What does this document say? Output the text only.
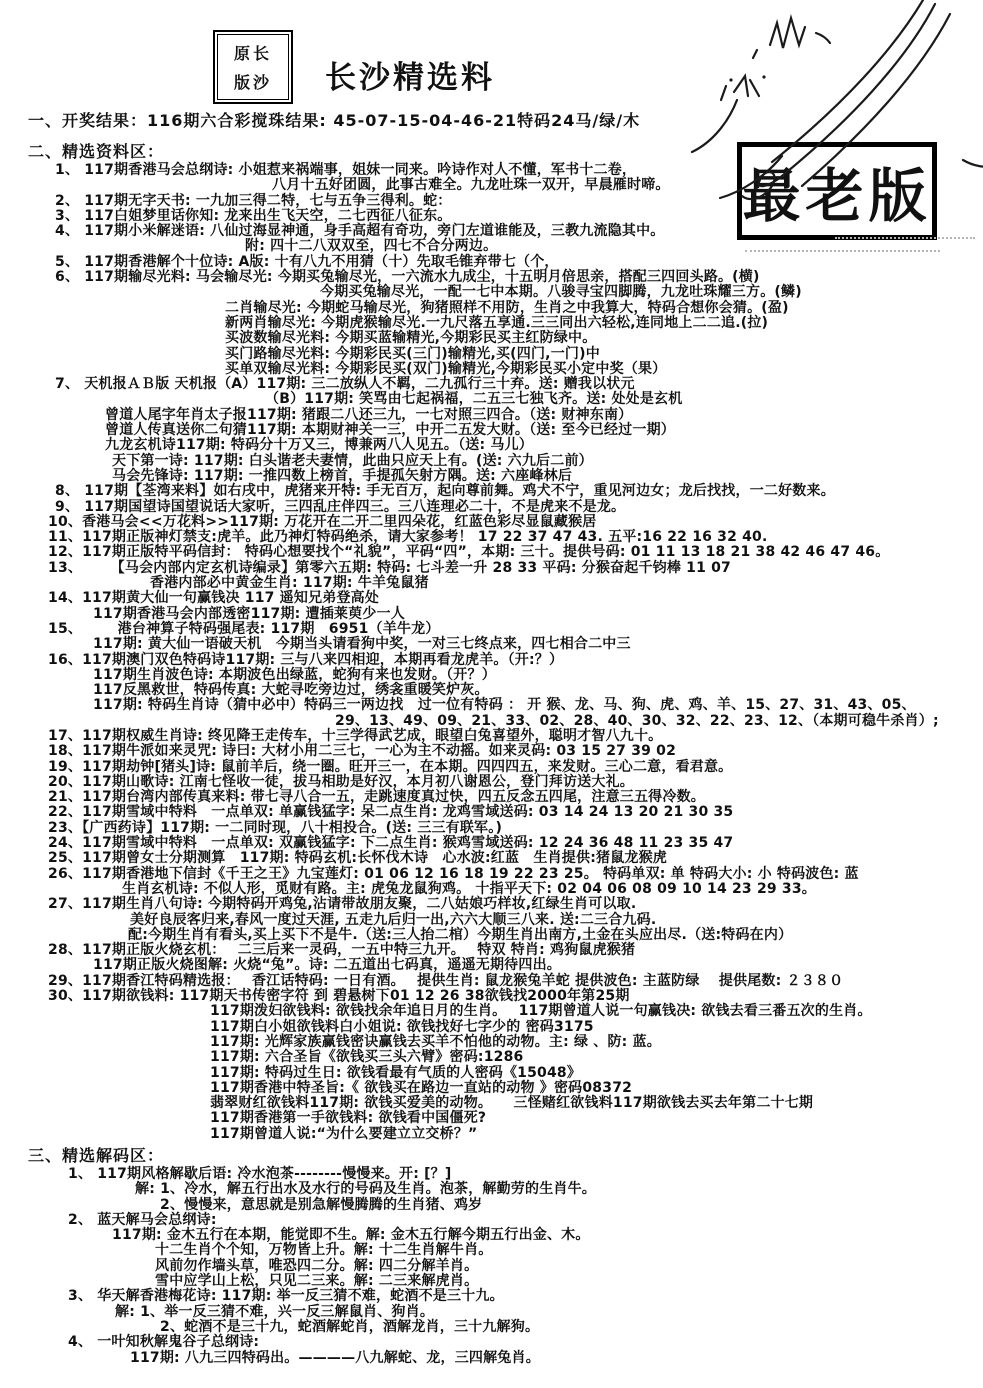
原长
版沙 长沙精选料
最老版
一、开奖结果：116期六合彩搅珠结果: 45-07-15-04-46-21特码24马/绿/木
二、精选资料区：
1、 117期香港马会总纲诗: 小姐惹来祸端事，姐妹一同来。吟诗作对人不懂，军书十二卷，
八月十五好团圆，此事古难全。九龙吐珠一双开，早晨雁时啼。
2、 117期无字天书: 一九加三得二特，七与五争三得利。蛇：
3、 117白姐梦里话你知: 龙来出生飞天空，二七西征八征东。
4、 117期小米解迷语: 八仙过海显神通，身手高超有奇功，旁门左道谁能及，三教九流隐其中。
附: 四十二八双双至，四七不合分两边。
5、 117期香港解个十位诗: A版: 十有八九不用猜（十）先取毛锥弃带七（个，
6、 117期输尽光料: 马会输尽光: 今期买兔输尽光，一六流水九成尘，十五明月倍思亲，搭配三四回头路。(横)
今期买兔输尽光，一配一七中本期。八骏寻宝四脚腾，九龙吐珠耀三方。(鳞)
二肖输尽光: 今期蛇马输尽光，狗猪照样不用防，生肖之中我算大，特码合想你会猜。(盈)
新两肖输尽光: 今期虎猴输尽光.一九尺落五享通.三三同出六轻松,连同地上二二追.(拉)
买波数输尽光料: 今期买蓝输精光,今期彩民买主红防绿中。
买门路输尽光料: 今期彩民买(三门)输精光,买(四门,一门)中
买单双输尽光料: 今期彩民买(双门)输精光,今期彩民买小定中奖（果）
7、 天机报ＡＢ版 天机报（A）117期: 三二放纵人不羁，二九孤行三十弃。送: 赠我以状元
（B）117期: 笑骂由七起祸福，二五三七独飞齐。送: 处处是玄机
曾道人尾字年肖太子报117期: 猪跟二八还三九，一七对照三四合。（送: 财神东南）
曾道人传真送你二句猜117期: 本期财神关一三，中开二五发大财。（送: 至今已经过一期）
九龙玄机诗117期: 特码分十万又三，博兼两八人见五。（送: 马儿）
天下第一诗: 117期: 白头谐老夫妻情，此曲只应天上有。(送: 六九后二前）
马会先锋诗: 117期: 一推四数上榜首，手提孤矢射方隅。送: 六座峰林后
8、 117期【荃湾来料】如右戌中，虎猪来开特: 手无百万，起向尊前舞。鸡犬不宁，重见河边女；龙后找找，一二好数来。
9、 117期国望诗国望说话大家听，三四乱庄伴四三。三八连理必二十，不是虎来不是龙。
10、香港马会<<万花料>>117期: 万花开在二开二里四朵花，红蓝色彩尽显鼠藏猴居
11、117期正版神灯禁支:虎羊。此乃神灯特码绝杀，请大家参考！ 17 22 37 47 43. 五平:16 22 16 32 40.
12、117期正版特平码信封： 特码心想要找个“礼貌”，平码“四”，本期: 三十。提供号码: 01 11 13 18 21 38 42 46 47 46。
13、　　　【马会内部内定玄机诗编录】第零六五期: 特码: 七斗差一升 28 33 平码: 分猴奋起千钧棒 11 07
香港内部必中黄金生肖: 117期: 牛羊兔鼠猪
14、117期黄大仙一句赢钱决 117 遥知兄弟登高处
117期香港马会内部透密117期: 遭插莱萸少一人
15、　　　港台神算子特码强尾表: 117期　6951（羊牛龙）
117期: 黄大仙一语破天机　今期当头请看狗中奖，一对三七终点来，四七相合二中三
16、117期澳门双色特码诗117期: 三与八来四相迎，本期再看龙虎羊。（开:？）
117期生肖波色诗: 本期波色出绿蓝，蛇狗有来也发财。（开？）
117反黑救世，特码传真: 大蛇寻吃旁边过，绣衾重暖笑炉灰。
117期: 特码生肖诗（猜中必中）特码三一两边找　过一位有特码 ： 开 猴、龙、马、狗、虎、鸡、羊、15、27、31、43、05、
29、13、49、09、21、33、02、28、40、30、32、22、23、12、（本期可稳牛杀肖）;
17、117期权威生肖诗: 终见降王走传车，十三学得武艺成，眼望白兔喜望外，聪明才智八九十。
18、117期牛派如来灵咒: 诗曰: 大材小用二三七，一心为主不动摇。如来灵码: 03 15 27 39 02
19、117期劫钟[猪头]诗: 鼠前羊后，绕一圈。旺开三一，在本期。四四四五，来发财。三心二意，看君意。
20、117期山歌诗: 江南七怪收一徒，拔马相助是好汉，本月初八谢恩公，登门拜访送大礼。
21、117期台湾内部传真来料: 带七寻八合一五，走跳速度真过快，四五反念五四尾，注意三五得冷数。
22、117期雪域中特料　一点单双: 单赢钱猛字: 呆二点生肖: 龙鸡雪域送码: 03 14 24 13 20 21 30 35
23、【广西药诗】117期: 一二同时现，八十相投合。(送: 三三有联军。)
24、117期雪域中特料　一点单双: 双赢钱猛字: 下二点生肖: 猴鸡雪域送码: 12 24 36 48 11 23 35 47
25、117期曾女士分期测算　117期: 特码玄机:长怀伐木诗　心水波:红蓝　生肖提供:猪鼠龙猴虎
26、117期香港地下信封《千王之王》九宝莲灯: 01 06 12 16 18 19 22 23 25。 特码单双: 单 特码大小: 小 特码波色: 蓝
生肖玄机诗: 不似人形，觅财有路。主: 虎兔龙鼠狗鸡。 十指平天下: 02 04 06 08 09 10 14 23 29 33。
27、117期生肖八句诗: 今期特码开鸡兔,沾请带故朋友聚，二八姑娘巧样妆,红绿生肖可以取.
美好良辰客归来,春风一度过天涯, 五走九后归一出,六六大顺三八来. 送:二三合九码.
配:今期生肖有看头,买上买下不是牛.（送:三人抬二棺）今期生肖出南方,土金在头应出尽.（送:特码在内）
28、117期正版火烧玄机：　 二三后来一灵码，一五中特三九开。　 特双 特肖: 鸡狗鼠虎猴猪
117期正版火烧图解: 火烧“兔”。诗: 二五道出七码真，遥遥无期待四出。
29、117期香江特码精选报：　 香江话特码: 一日有酒。　 提供生肖: 鼠龙猴兔羊蛇 提供波色: 主蓝防绿　 提供尾数: ２３８０
30、117期欲钱料: 117期天书传密字符 到 碧悬树下01 12 26 38欲钱找2000年第25期
117期泼妇欲钱料: 欲钱找余年追日月的生肖。　 117期曾道人说一句赢钱决: 欲钱去看三番五次的生肖。
117期白小姐欲钱料白小姐说: 欲钱找好七字少的 密码3175
117期: 光辉家族赢钱密诀赢钱去买羊不怕他的动物。主: 绿 、防: 蓝。
117期: 六合圣旨《欲钱买三头六臂》密码:1286
117期: 特码过生日: 欲钱看最有气质的人密码《15048》
117期香港中特圣旨:《 欲钱买在路边一直站的动物 》密码08372
翡翠财红欲钱料117期: 欲钱买爱美的动物。　　三怪赌红欲钱料117期欲钱去买去年第二十七期
117期香港第一手欲钱料: 欲钱看中国僵死?
117期曾道人说:“为什么要建立立交桥？”
三、精选解码区：
1、 117期风格解歇后语: 冷水泡茶--------慢慢来。开: [？]
解: 1、冷水，解五行出水及水行的号码及生肖。泡茶，解勤劳的生肖牛。
2、慢慢来，意思就是别急解慢腾腾的生肖猪、鸡岁
2、 蓝天解马会总纲诗:
117期: 金木五行在本期，能觉即不生。解: 金木五行解今期五行出金、木。
十二生肖个个知，万物皆上升。解: 十二生肖解牛肖。
风前勿作墙头草，唯恐四二分。解: 四二分解羊肖。
雪中应学山上松，只见二三来。解: 二三来解虎肖。
3、 华天解香港梅花诗: 117期: 举一反三猜不难，蛇酒不是三十九。
解: 1、举一反三猜不难，兴一反三解鼠肖、狗肖。
2、蛇酒不是三十九，蛇酒解蛇肖，酒解龙肖，三十九解狗。
4、 一叶知秋解鬼谷子总纲诗:
117期: 八九三四特码出。————八九解蛇、龙，三四解兔肖。
